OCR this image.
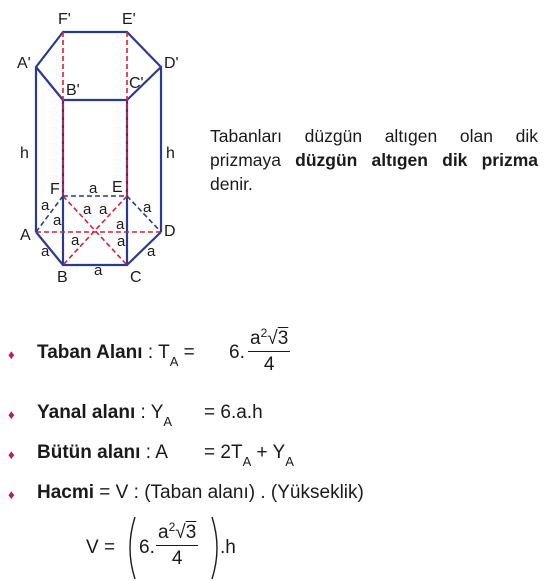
F'	E'
A'	D'
B'	C'
h	h
F	E
A	D
B	C
a
a	a
a a
a	a
a	a
a	a
a
Tabanları düzgün altıgen olan dik prizmaya düzgün altıgen dik prizma denir.
♦ Taban Alanı : $T_A = 6$. $\frac{a^2√3}{4}$
♦ Yanal alanı : $Y_A = 6.a.h$
♦ Bütün alanı : $A = 2T_A + Y_A$
♦ Hacmi = V : (Taban alanı) . (Yükseklik)
V = 6. $\frac{a^2√3}{4} .h$
